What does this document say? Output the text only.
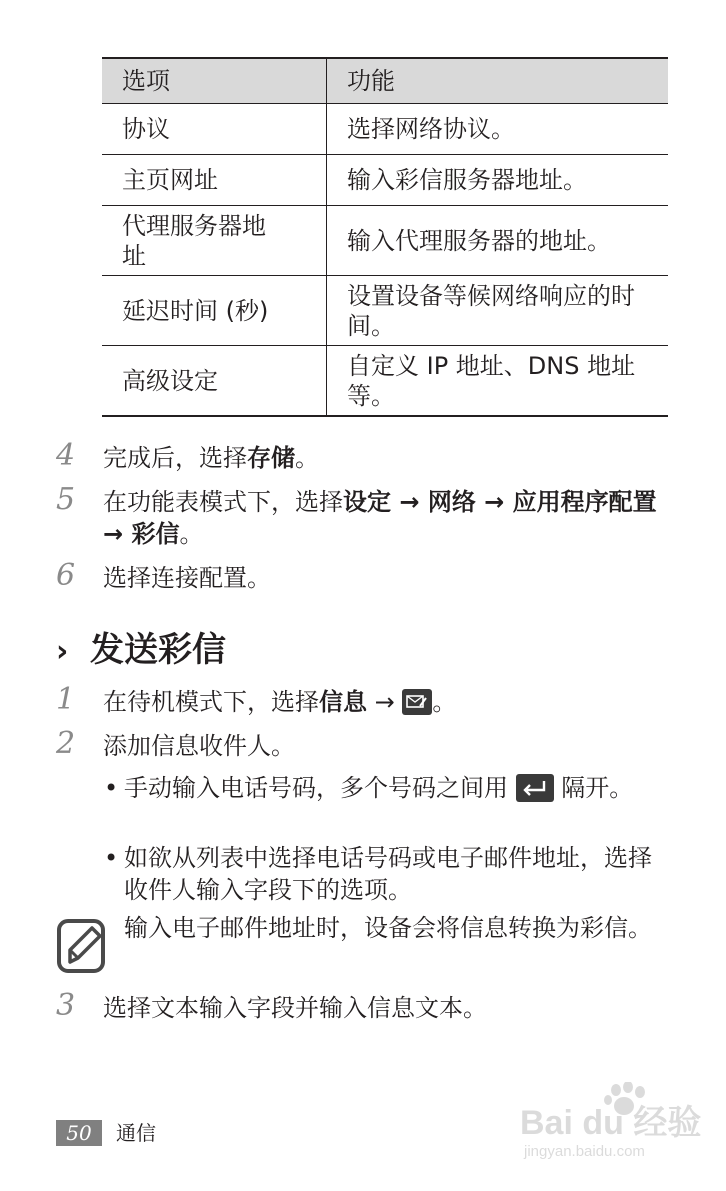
选项	功能
协议	选择网络协议。
主页网址	输入彩信服务器地址。
代理服务器地址	输入代理服务器的地址。
延迟时间 (秒)	设置设备等候网络响应的时间。
高级设定	自定义 IP 地址、DNS 地址等。
4	完成后，选择存储。
5	在功能表模式下，选择设定 → 网络 → 应用程序配置 → 彩信。
6	选择连接配置。
› 发送彩信
1	在待机模式下，选择信息 → 。
2	添加信息收件人。
• 手动输入电话号码，多个号码之间用 隔开。
• 如欲从列表中选择电话号码或电子邮件地址，选择收件人输入字段下的选项。
输入电子邮件地址时，设备会将信息转换为彩信。
3	选择文本输入字段并输入信息文本。
50 通信	Bai du 经验
jingyan.baidu.com
